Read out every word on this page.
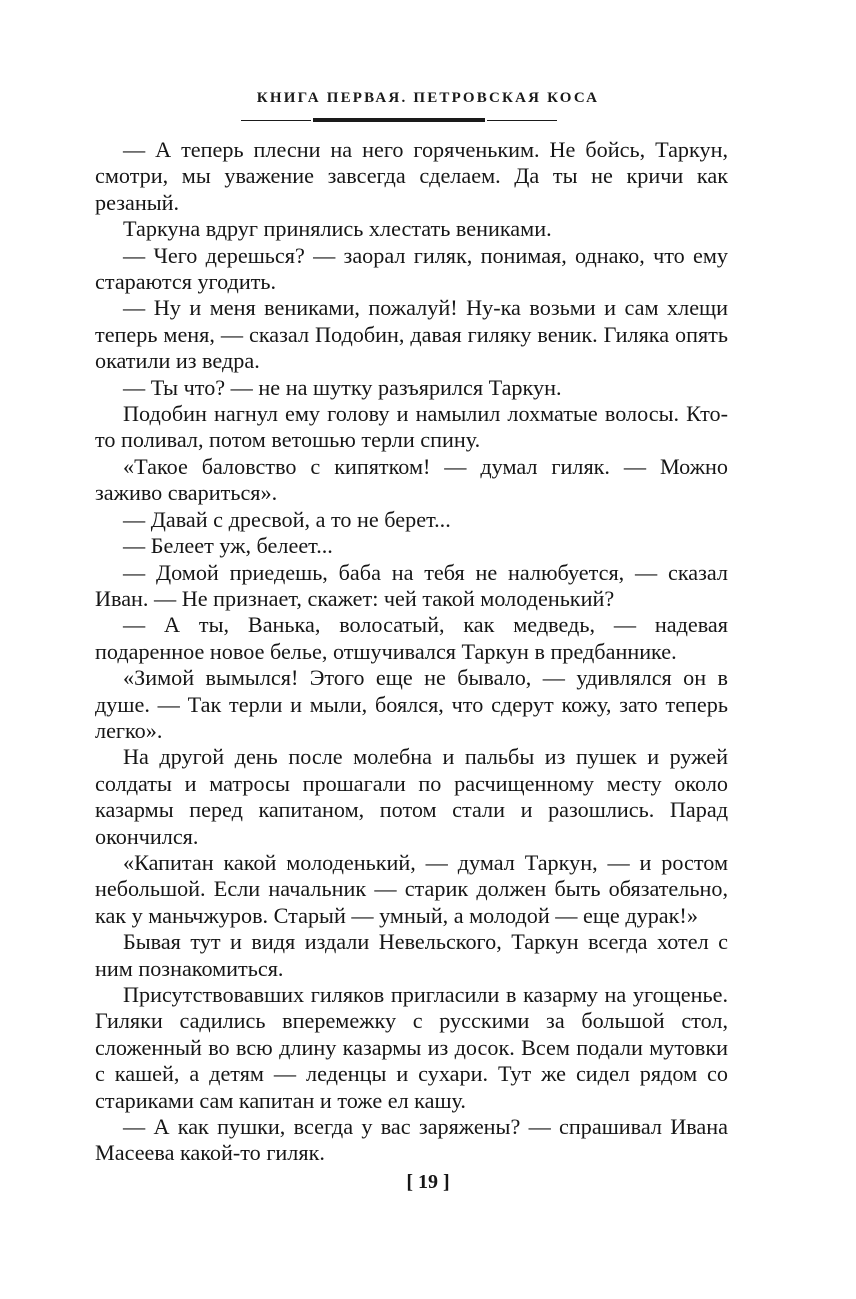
КНИГА ПЕРВАЯ. ПЕТРОВСКАЯ КОСА

— А теперь плесни на него горяченьким. Не бойсь, Таркун, смотри, мы уважение завсегда сделаем. Да ты не кричи как резаный.

Таркуна вдруг принялись хлестать вениками.

— Чего дерешься? — заорал гиляк, понимая, однако, что ему стараются угодить.

— Ну и меня вениками, пожалуй! Ну-ка возьми и сам хлещи теперь меня, — сказал Подобин, давая гиляку веник. Гиляка опять окатили из ведра.

— Ты что? — не на шутку разъярился Таркун.

Подобин нагнул ему голову и намылил лохматые волосы. Кто-то поливал, потом ветошью терли спину.

«Такое баловство с кипятком! — думал гиляк. — Можно заживо свариться».

— Давай с дресвой, а то не берет...

— Белеет уж, белеет...

— Домой приедешь, баба на тебя не налюбуется, — сказал Иван. — Не признает, скажет: чей такой молоденький?

— А ты, Ванька, волосатый, как медведь, — надевая подаренное новое белье, отшучивался Таркун в предбаннике.

«Зимой вымылся! Этого еще не бывало, — удивлялся он в душе. — Так терли и мыли, боялся, что сдерут кожу, зато теперь легко».

На другой день после молебна и пальбы из пушек и ружей солдаты и матросы прошагали по расчищенному месту около казармы перед капитаном, потом стали и разошлись. Парад окончился.

«Капитан какой молоденький, — думал Таркун, — и ростом небольшой. Если начальник — старик должен быть обязательно, как у маньчжуров. Старый — умный, а молодой — еще дурак!»

Бывая тут и видя издали Невельского, Таркун всегда хотел с ним познакомиться.

Присутствовавших гиляков пригласили в казарму на угощенье. Гиляки садились вперемежку с русскими за большой стол, сложенный во всю длину казармы из досок. Всем подали мутовки с кашей, а детям — леденцы и сухари. Тут же сидел рядом со стариками сам капитан и тоже ел кашу.

— А как пушки, всегда у вас заряжены? — спрашивал Ивана Масеева какой-то гиляк.

[ 19 ]
